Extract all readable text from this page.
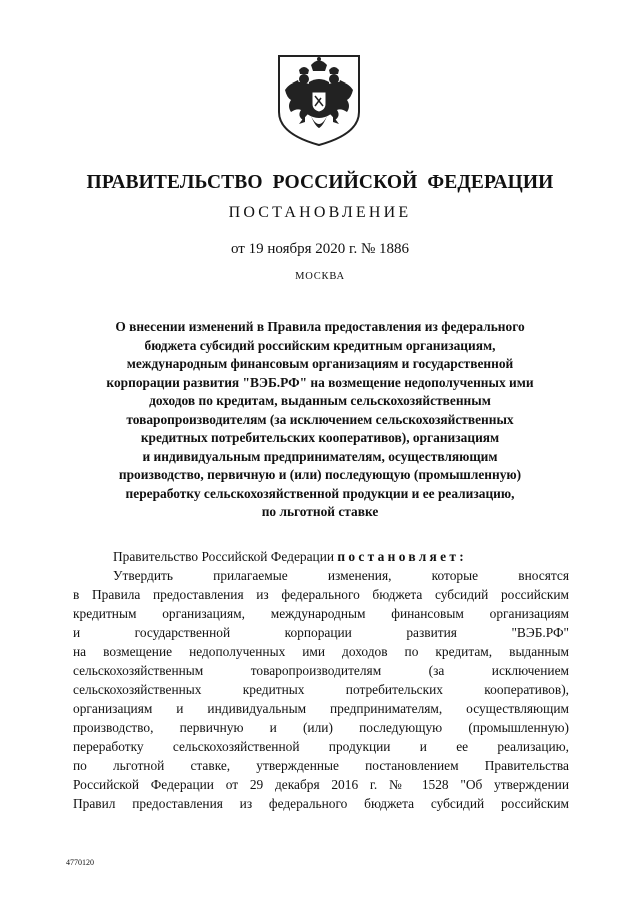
ПРАВИТЕЛЬСТВО РОССИЙСКОЙ ФЕДЕРАЦИИ
ПОСТАНОВЛЕНИЕ
от 19 ноября 2020 г. № 1886
МОСКВА
О внесении изменений в Правила предоставления из федерального
бюджета субсидий российским кредитным организациям,
международным финансовым организациям и государственной
корпорации развития "ВЭБ.РФ" на возмещение недополученных ими
доходов по кредитам, выданным сельскохозяйственным
товаропроизводителям (за исключением сельскохозяйственных
кредитных потребительских кооперативов), организациям
и индивидуальным предпринимателям, осуществляющим
производство, первичную и (или) последующую (промышленную)
переработку сельскохозяйственной продукции и ее реализацию,
по льготной ставке
Правительство Российской Федерации постановляет:
Утвердить прилагаемые изменения, которые вносятся
в Правила предоставления из федерального бюджета субсидий российским
кредитным организациям, международным финансовым организациям
и государственной корпорации развития "ВЭБ.РФ"
на возмещение недополученных ими доходов по кредитам, выданным
сельскохозяйственным товаропроизводителям (за исключением
сельскохозяйственных кредитных потребительских кооперативов),
организациям и индивидуальным предпринимателям, осуществляющим
производство, первичную и (или) последующую (промышленную)
переработку сельскохозяйственной продукции и ее реализацию,
по льготной ставке, утвержденные постановлением Правительства
Российской Федерации от 29 декабря 2016 г. № 1528 "Об утверждении
Правил предоставления из федерального бюджета субсидий российским
4770120
